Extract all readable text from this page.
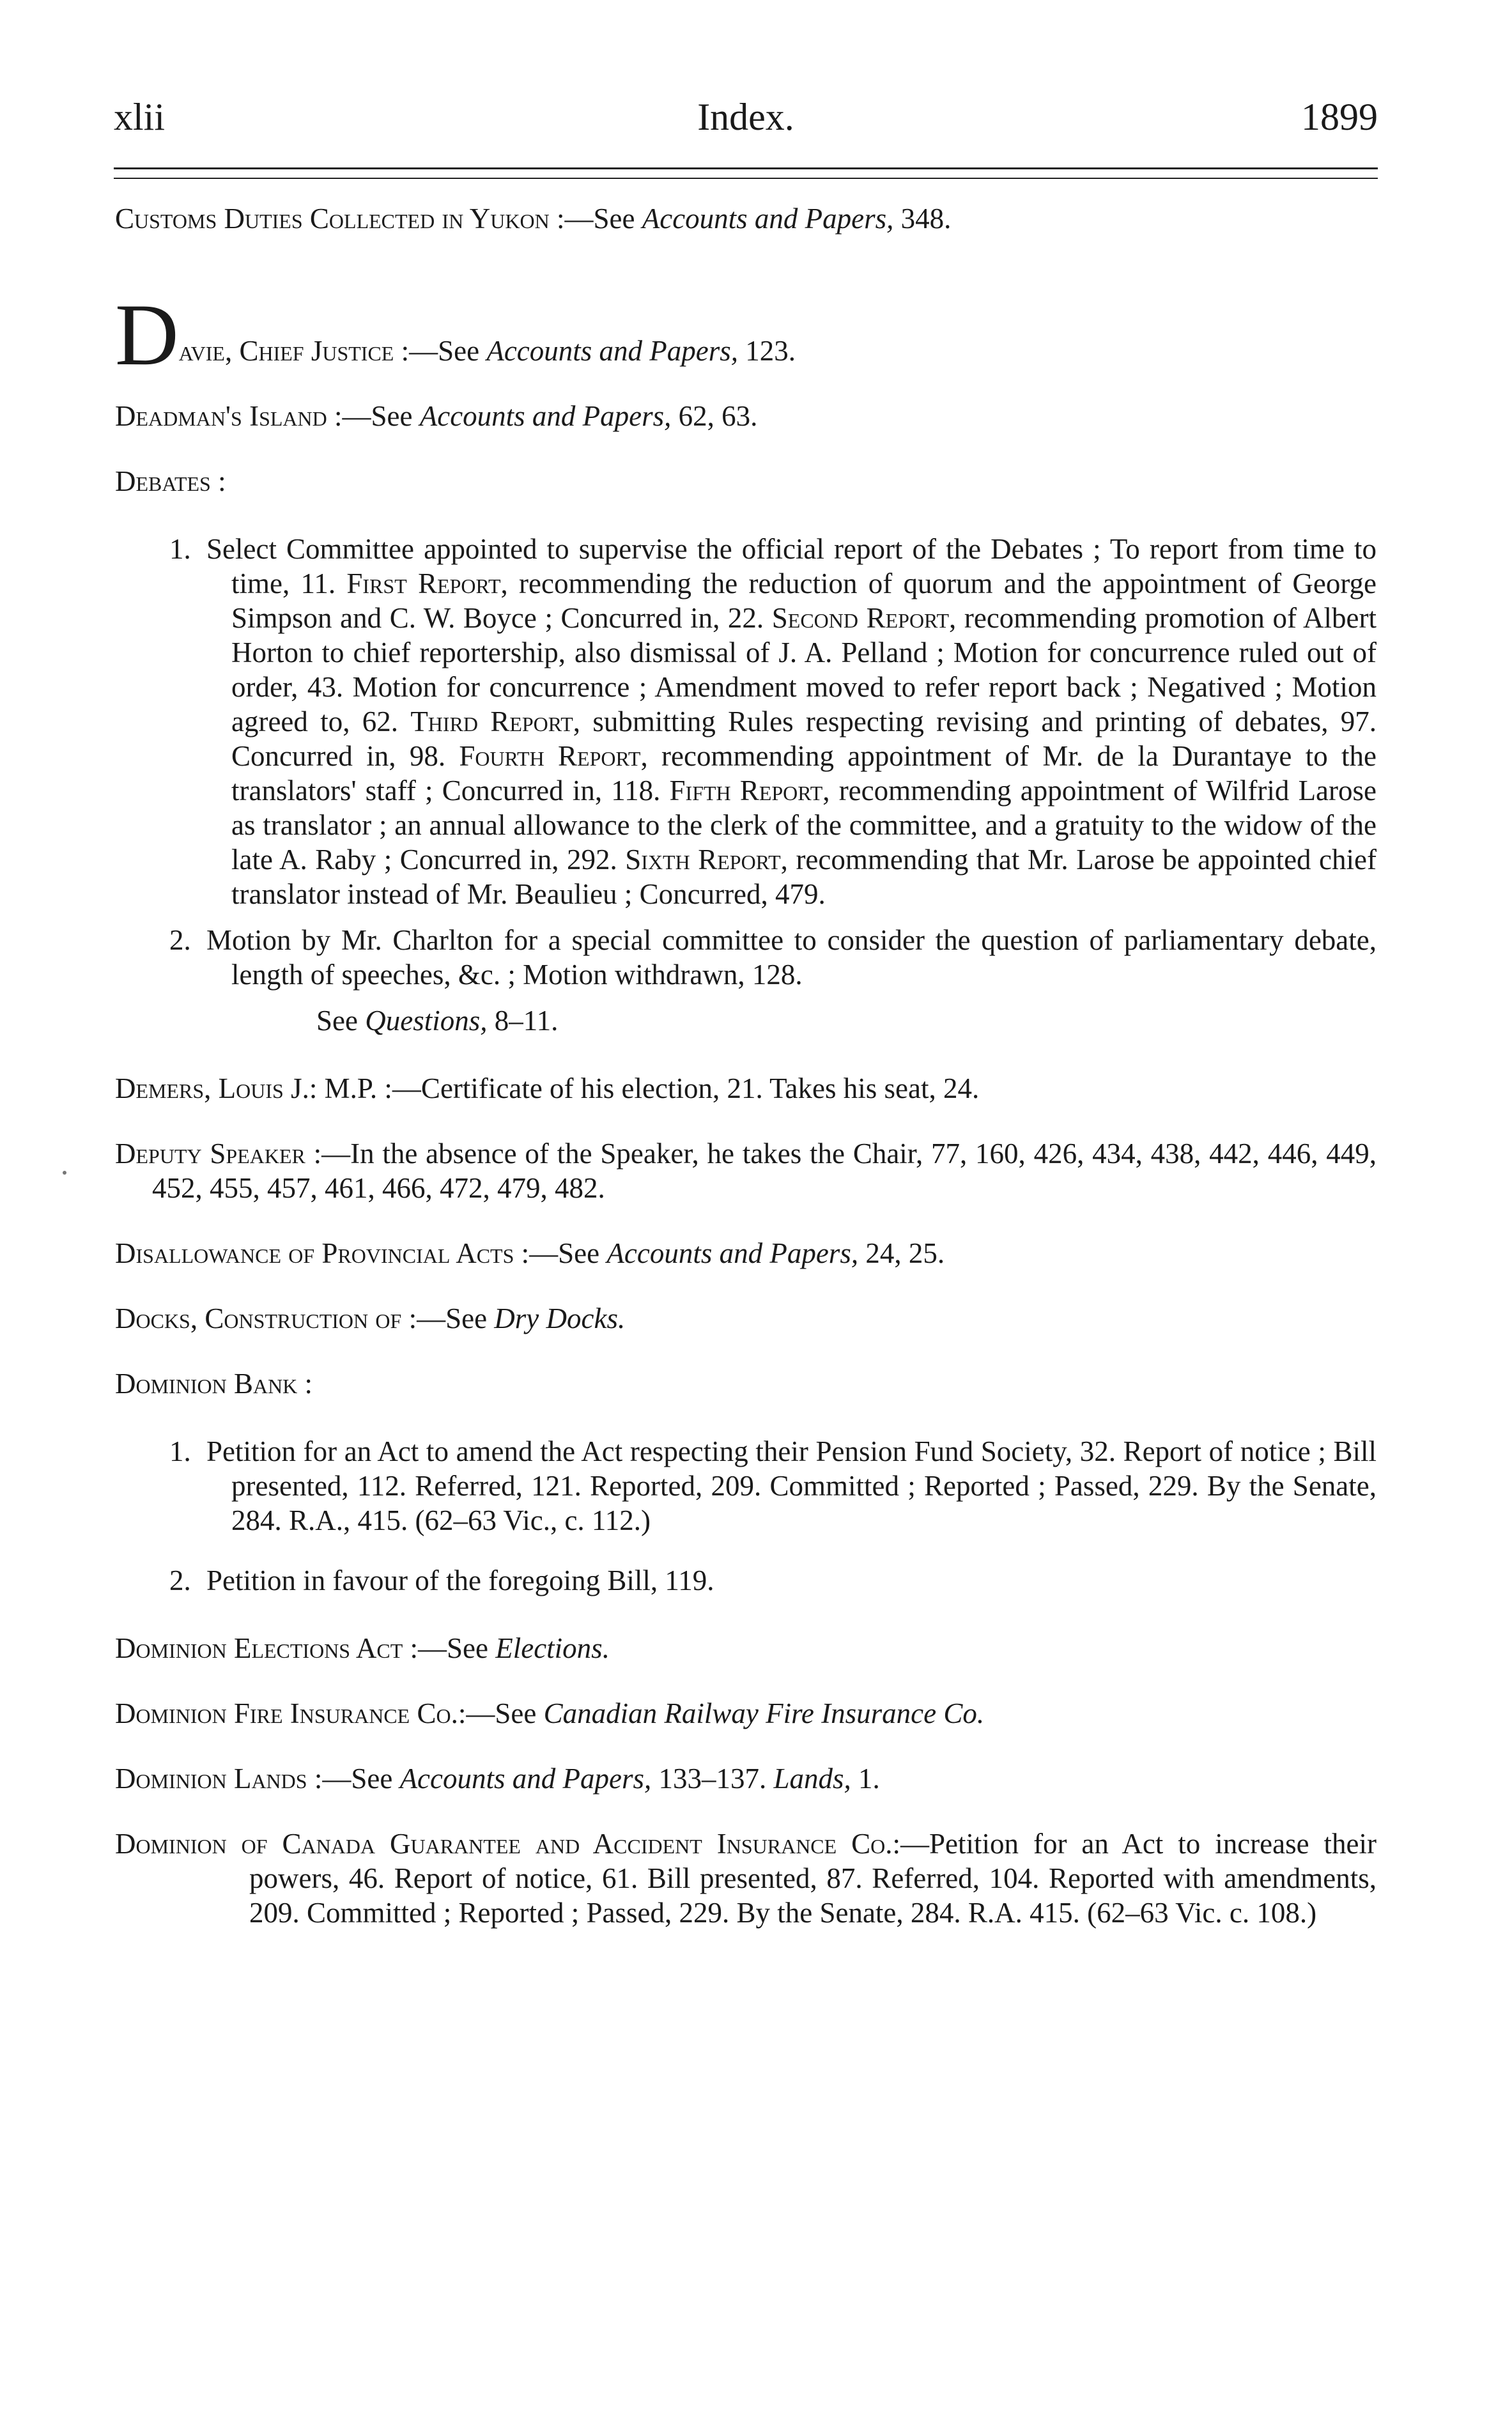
xlii	Index.	1899

Customs Duties Collected in Yukon :—See Accounts and Papers, 348.

Davie, Chief Justice :—See Accounts and Papers, 123.

Deadman's Island :—See Accounts and Papers, 62, 63.

Debates :

1. Select Committee appointed to supervise the official report of the Debates ; To report from time to time, 11. First Report, recommending the reduction of quorum and the appointment of George Simpson and C. W. Boyce ; Concurred in, 22. Second Report, recommending promotion of Albert Horton to chief reportership, also dismissal of J. A. Pelland ; Motion for concurrence ruled out of order, 43. Motion for concurrence ; Amendment moved to refer report back ; Negatived ; Motion agreed to, 62. Third Report, submitting Rules respecting revising and printing of debates, 97. Concurred in, 98. Fourth Report, recommending appointment of Mr. de la Durantaye to the translators' staff ; Concurred in, 118. Fifth Report, recommending appointment of Wilfrid Larose as translator ; an annual allowance to the clerk of the committee, and a gratuity to the widow of the late A. Raby ; Concurred in, 292. Sixth Report, recommending that Mr. Larose be appointed chief translator instead of Mr. Beaulieu ; Concurred, 479.

2. Motion by Mr. Charlton for a special committee to consider the question of parliamentary debate, length of speeches, &c. ; Motion withdrawn, 128.

See Questions, 8–11.

Demers, Louis J.: M.P. :—Certificate of his election, 21. Takes his seat, 24.

Deputy Speaker :—In the absence of the Speaker, he takes the Chair, 77, 160, 426, 434, 438, 442, 446, 449, 452, 455, 457, 461, 466, 472, 479, 482.

Disallowance of Provincial Acts :—See Accounts and Papers, 24, 25.

Docks, Construction of :—See Dry Docks.

Dominion Bank :

1. Petition for an Act to amend the Act respecting their Pension Fund Society, 32. Report of notice ; Bill presented, 112. Referred, 121. Reported, 209. Committed ; Reported ; Passed, 229. By the Senate, 284. R.A., 415. (62–63 Vic., c. 112.)

2. Petition in favour of the foregoing Bill, 119.

Dominion Elections Act :—See Elections.

Dominion Fire Insurance Co.:—See Canadian Railway Fire Insurance Co.

Dominion Lands :—See Accounts and Papers, 133–137. Lands, 1.

Dominion of Canada Guarantee and Accident Insurance Co.:—Petition for an Act to increase their powers, 46. Report of notice, 61. Bill presented, 87. Referred, 104. Reported with amendments, 209. Committed ; Reported ; Passed, 229. By the Senate, 284. R.A. 415. (62–63 Vic. c. 108.)
